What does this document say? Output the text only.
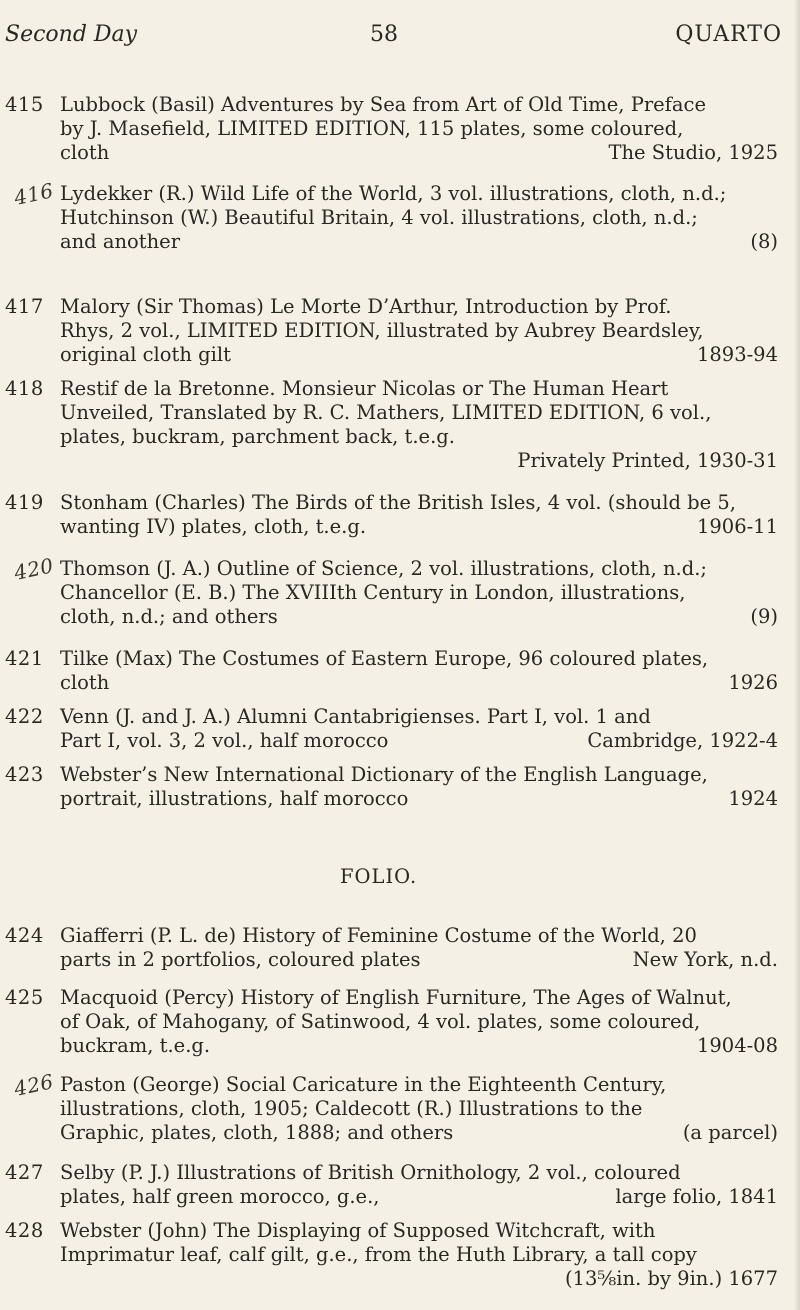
Second Day	58	QUARTO
415 Lubbock (Basil) Adventures by Sea from Art of Old Time, Preface
by J. Masefield, LIMITED EDITION, 115 plates, some coloured,
cloth	The Studio, 1925
416 Lydekker (R.) Wild Life of the World, 3 vol. illustrations, cloth, n.d.;
Hutchinson (W.) Beautiful Britain, 4 vol. illustrations, cloth, n.d.;
and another	(8)
417 Malory (Sir Thomas) Le Morte D’Arthur, Introduction by Prof.
Rhys, 2 vol., LIMITED EDITION, illustrated by Aubrey Beardsley,
original cloth gilt	1893-94
418 Restif de la Bretonne. Monsieur Nicolas or The Human Heart
Unveiled, Translated by R. C. Mathers, LIMITED EDITION, 6 vol.,
plates, buckram, parchment back, t.e.g.
Privately Printed, 1930-31
419 Stonham (Charles) The Birds of the British Isles, 4 vol. (should be 5,
wanting IV) plates, cloth, t.e.g.	1906-11
420 Thomson (J. A.) Outline of Science, 2 vol. illustrations, cloth, n.d.;
Chancellor (E. B.) The XVIIIth Century in London, illustrations,
cloth, n.d.; and others	(9)
421 Tilke (Max) The Costumes of Eastern Europe, 96 coloured plates,
cloth	1926
422 Venn (J. and J. A.) Alumni Cantabrigienses. Part I, vol. 1 and
Part I, vol. 3, 2 vol., half morocco	Cambridge, 1922-4
423 Webster’s New International Dictionary of the English Language,
portrait, illustrations, half morocco	1924
424 Giafferri (P. L. de) History of Feminine Costume of the World, 20
parts in 2 portfolios, coloured plates	New York, n.d.
425 Macquoid (Percy) History of English Furniture, The Ages of Walnut,
of Oak, of Mahogany, of Satinwood, 4 vol. plates, some coloured,
buckram, t.e.g.	1904-08
426 Paston (George) Social Caricature in the Eighteenth Century,
illustrations, cloth, 1905; Caldecott (R.) Illustrations to the
Graphic, plates, cloth, 1888; and others	(a parcel)
427 Selby (P. J.) Illustrations of British Ornithology, 2 vol., coloured
plates, half green morocco, g.e.,	large folio, 1841
428 Webster (John) The Displaying of Supposed Witchcraft, with
Imprimatur leaf, calf gilt, g.e., from the Huth Library, a tall copy
(13⅝in. by 9in.) 1677
FOLIO.
